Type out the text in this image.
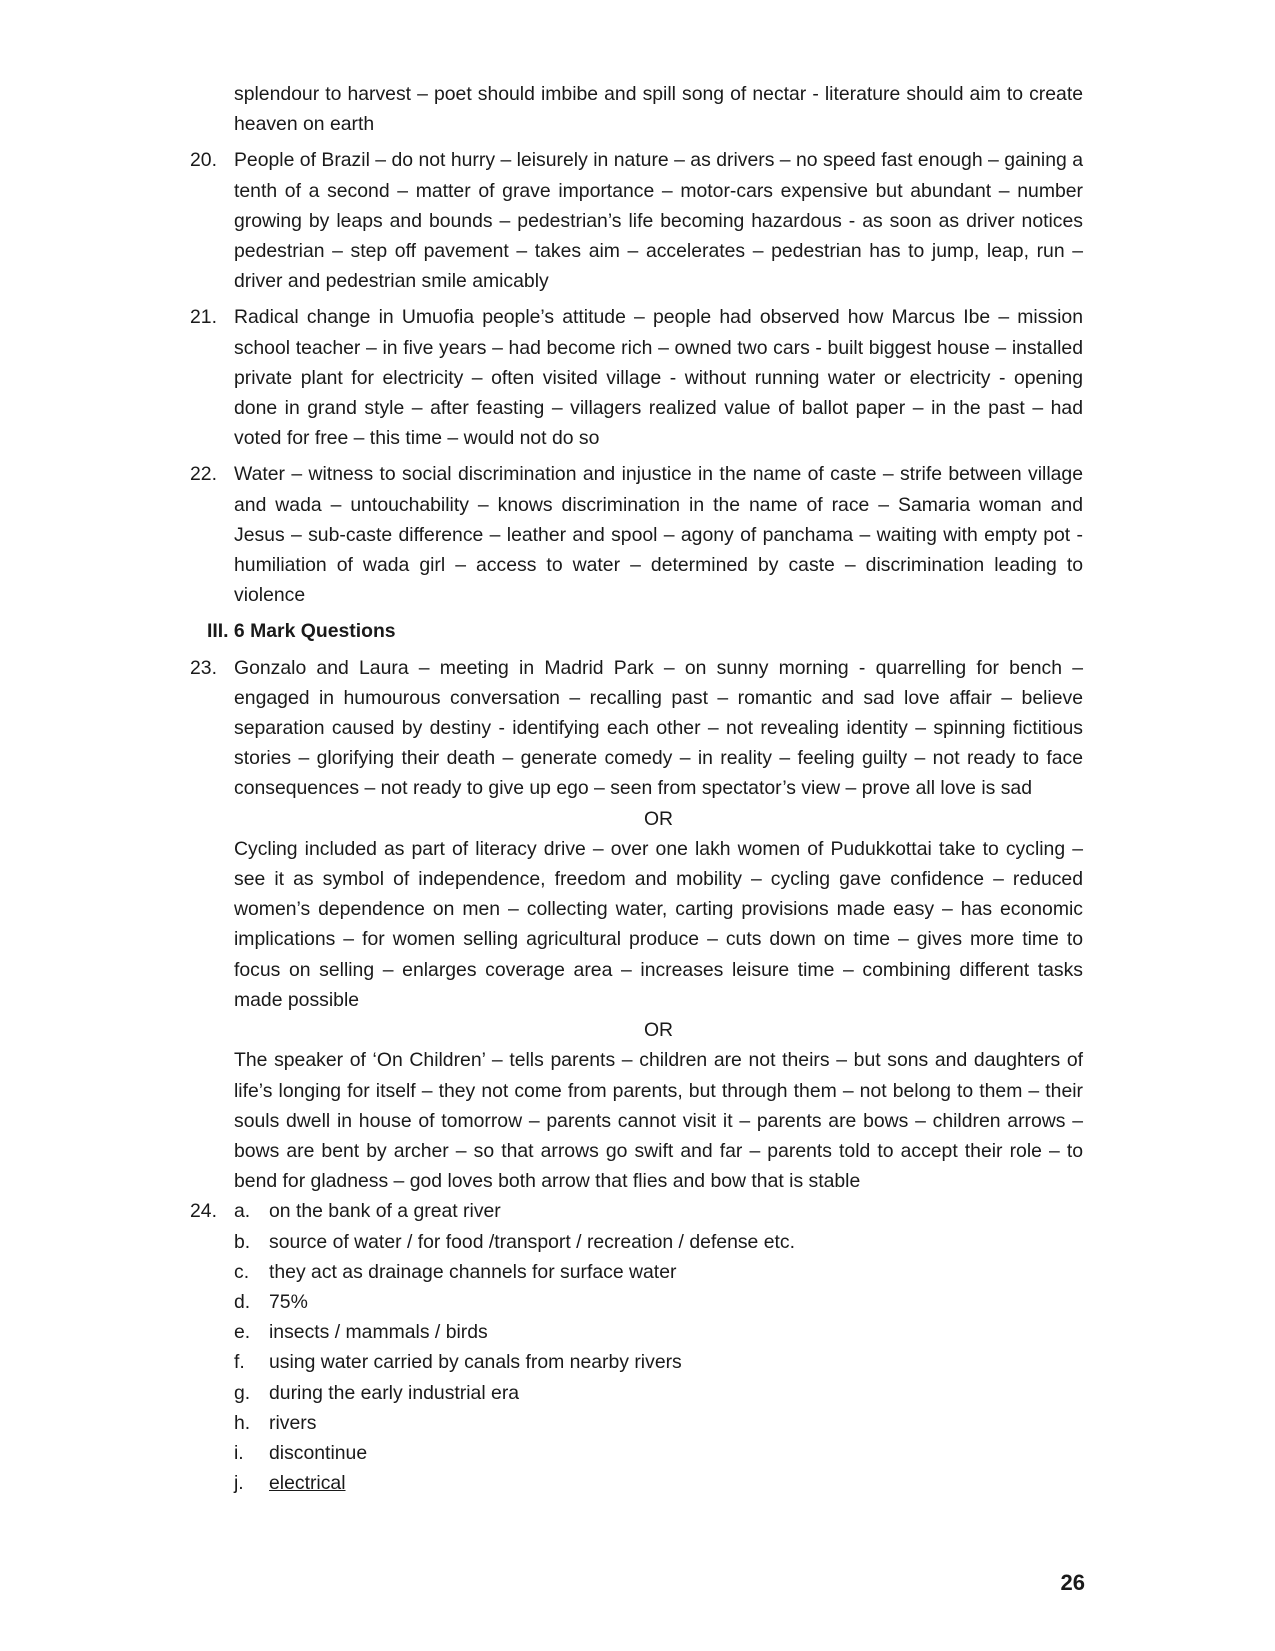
splendour to harvest – poet should imbibe and spill song of nectar - literature should aim to create heaven on earth
20. People of Brazil – do not hurry – leisurely in nature – as drivers – no speed fast enough – gaining a tenth of a second – matter of grave importance – motor-cars expensive but abundant – number growing by leaps and bounds – pedestrian’s life becoming hazardous - as soon as driver notices pedestrian – step off pavement – takes aim – accelerates – pedestrian has to jump, leap, run – driver and pedestrian smile amicably
21. Radical change in Umuofia people’s attitude – people had observed how Marcus Ibe – mission school teacher – in five years – had become rich – owned two cars - built biggest house – installed private plant for electricity – often visited village - without running water or electricity - opening done in grand style – after feasting – villagers realized value of ballot paper – in the past – had voted for free – this time – would not do so
22. Water – witness to social discrimination and injustice in the name of caste – strife between village and wada – untouchability – knows discrimination in the name of race – Samaria woman and Jesus – sub-caste difference – leather and spool – agony of panchama – waiting with empty pot - humiliation of wada girl – access to water – determined by caste – discrimination leading to violence
III. 6 Mark Questions
23. Gonzalo and Laura – meeting in Madrid Park – on sunny morning - quarrelling for bench – engaged in humourous conversation – recalling past – romantic and sad love affair – believe separation caused by destiny - identifying each other – not revealing identity – spinning fictitious stories – glorifying their death – generate comedy – in reality – feeling guilty – not ready to face consequences – not ready to give up ego – seen from spectator’s view – prove all love is sad
OR
Cycling included as part of literacy drive – over one lakh women of Pudukkottai take to cycling – see it as symbol of independence, freedom and mobility – cycling gave confidence – reduced women’s dependence on men – collecting water, carting provisions made easy – has economic implications – for women selling agricultural produce – cuts down on time – gives more time to focus on selling – enlarges coverage area – increases leisure time – combining different tasks made possible
OR
The speaker of ‘On Children’ – tells parents – children are not theirs – but sons and daughters of life’s longing for itself – they not come from parents, but through them – not belong to them – their souls dwell in house of tomorrow – parents cannot visit it – parents are bows – children arrows – bows are bent by archer – so that arrows go swift and far – parents told to accept their role – to bend for gladness – god loves both arrow that flies and bow that is stable
24. a. on the bank of a great river
b. source of water / for food /transport / recreation / defense etc.
c. they act as drainage channels for surface water
d. 75%
e. insects / mammals / birds
f. using water carried by canals from nearby rivers
g. during the early industrial era
h. rivers
i. discontinue
j. electrical
26
